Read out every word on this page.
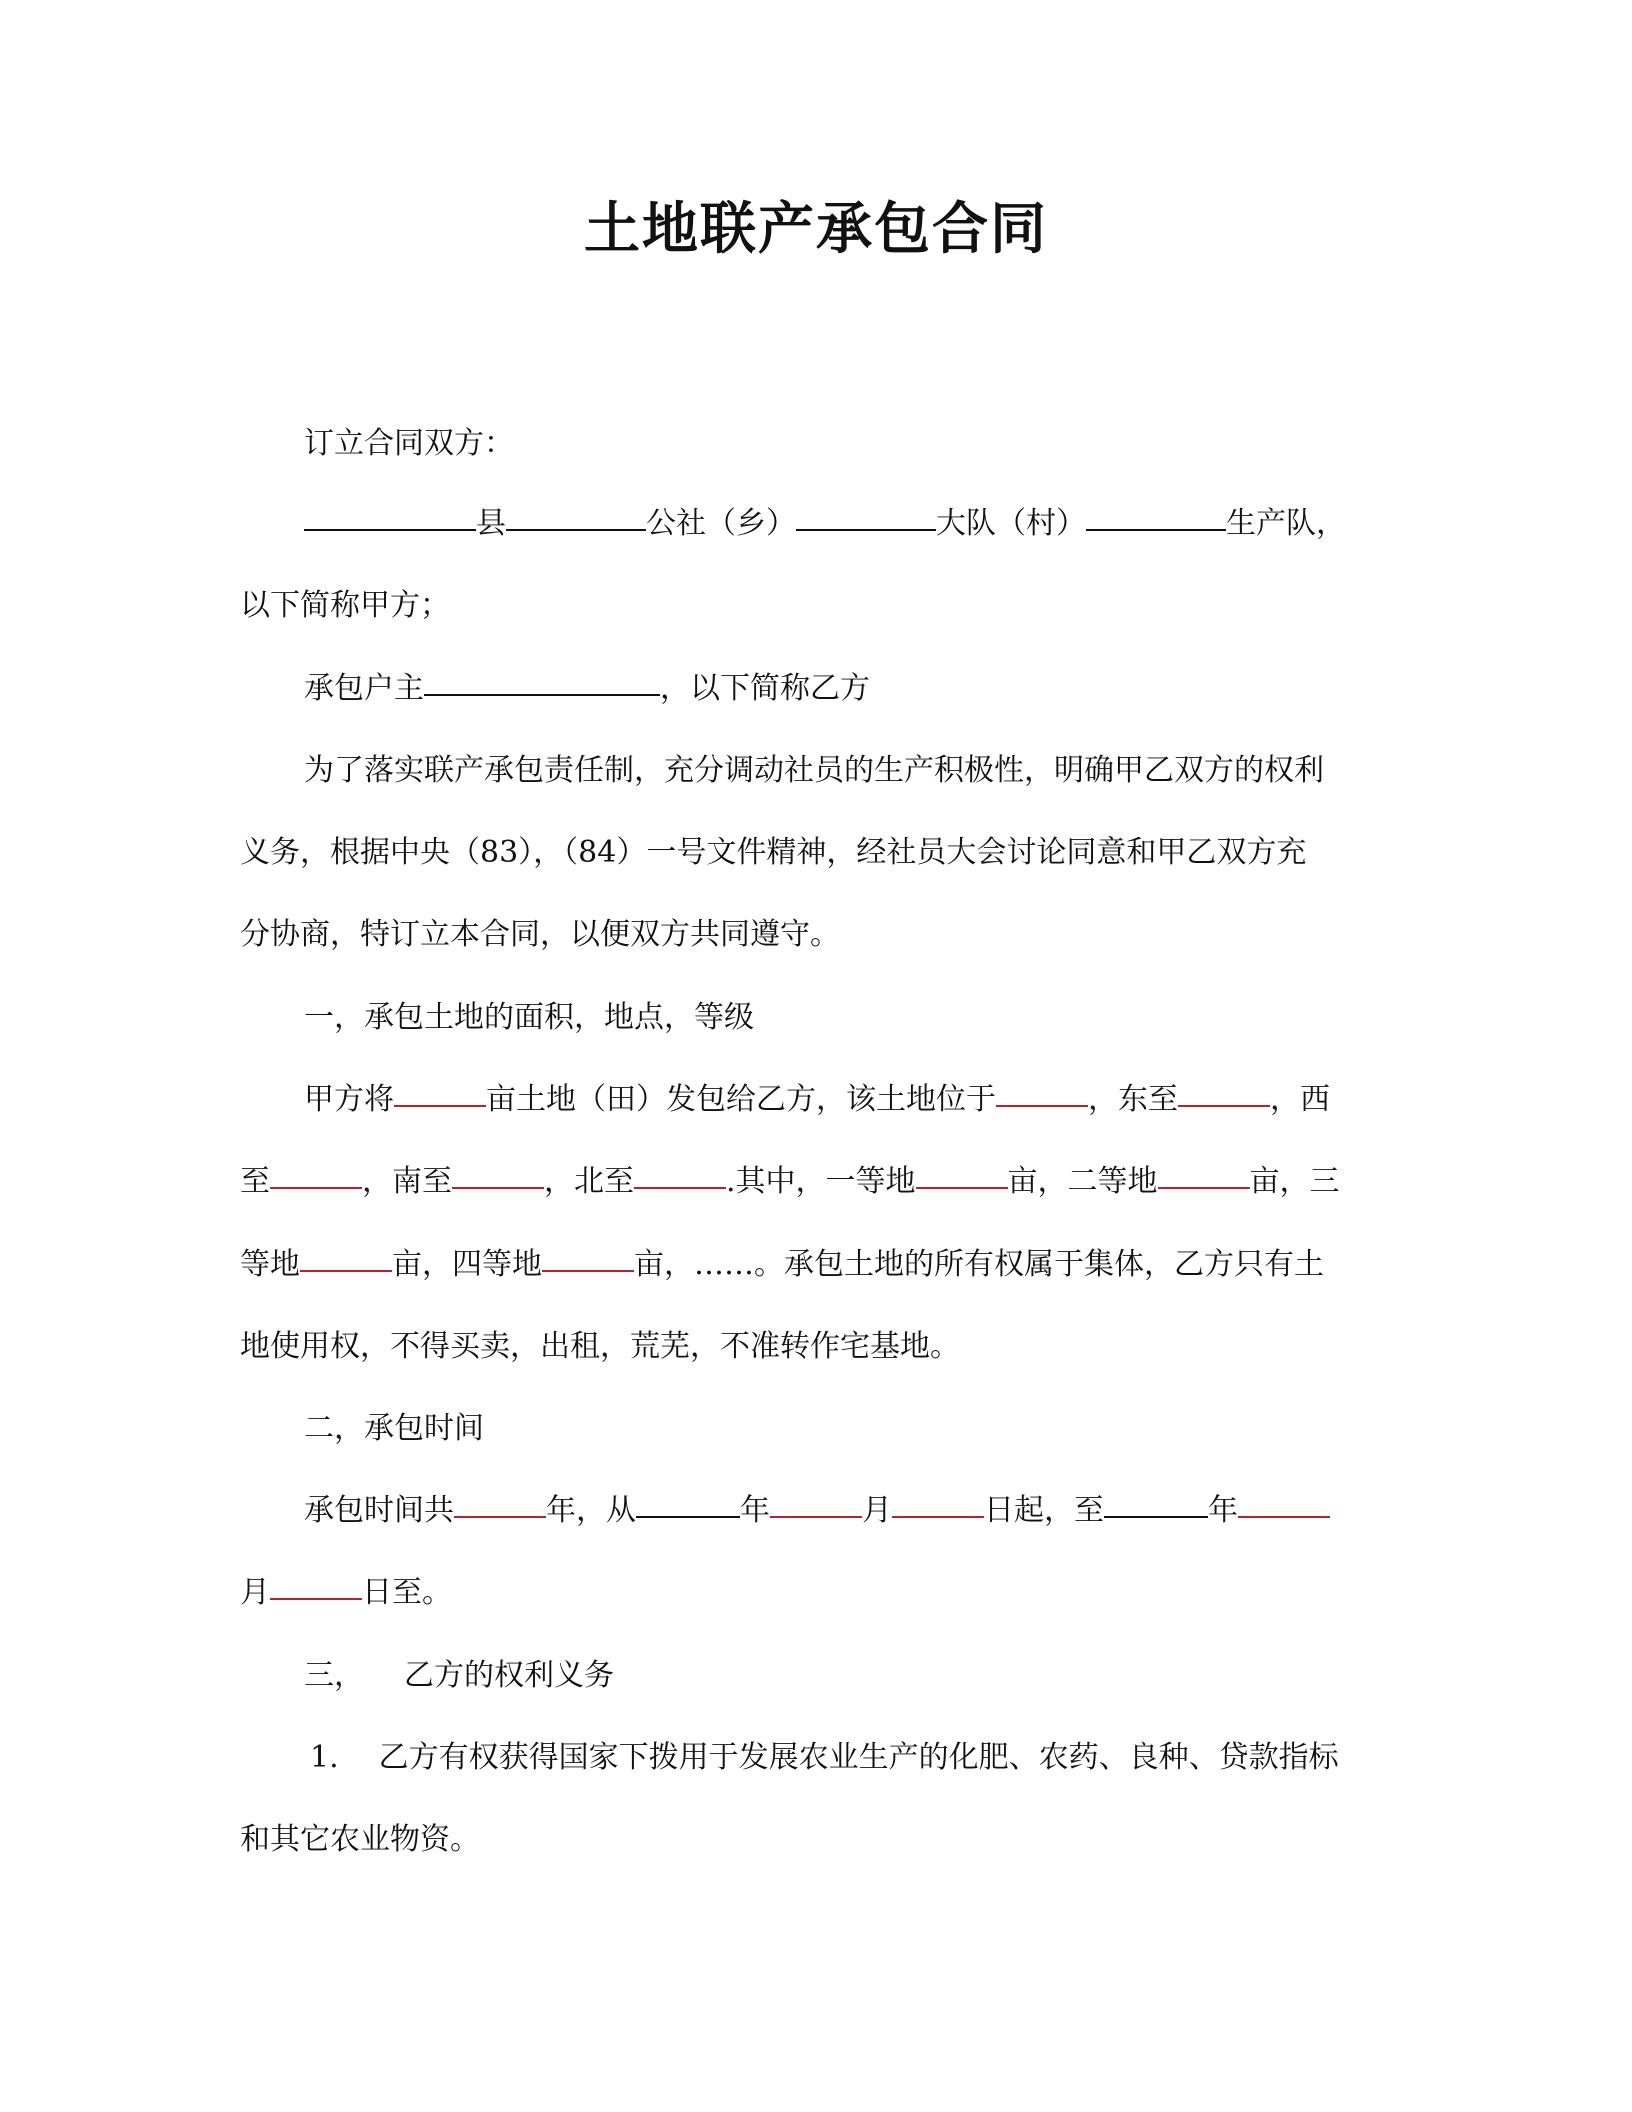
土地联产承包合同
订立合同双方：
县	公社（乡）	大队（村）	生产队，
以下简称甲方；
承包户主	，以下简称乙方
为了落实联产承包责任制，充分调动社员的生产积极性，明确甲乙双方的权利
义务，根据中央（83），（84）一号文件精神，经社员大会讨论同意和甲乙双方充
分协商，特订立本合同，以便双方共同遵守。
一，承包土地的面积，地点，等级
甲方将	亩土地（田）发包给乙方，该土地位于	，东至	，西
至	，南至	，北至	.其中，一等地	亩，二等地	亩，三
等地	亩，四等地	亩，……。承包土地的所有权属于集体，乙方只有土
地使用权，不得买卖，出租，荒芜，不准转作宅基地。
二，承包时间
承包时间共	年，从	年	月	日起，至	年
月	日至。
三， 乙方的权利义务
1. 乙方有权获得国家下拨用于发展农业生产的化肥、农药、良种、贷款指标
和其它农业物资。
